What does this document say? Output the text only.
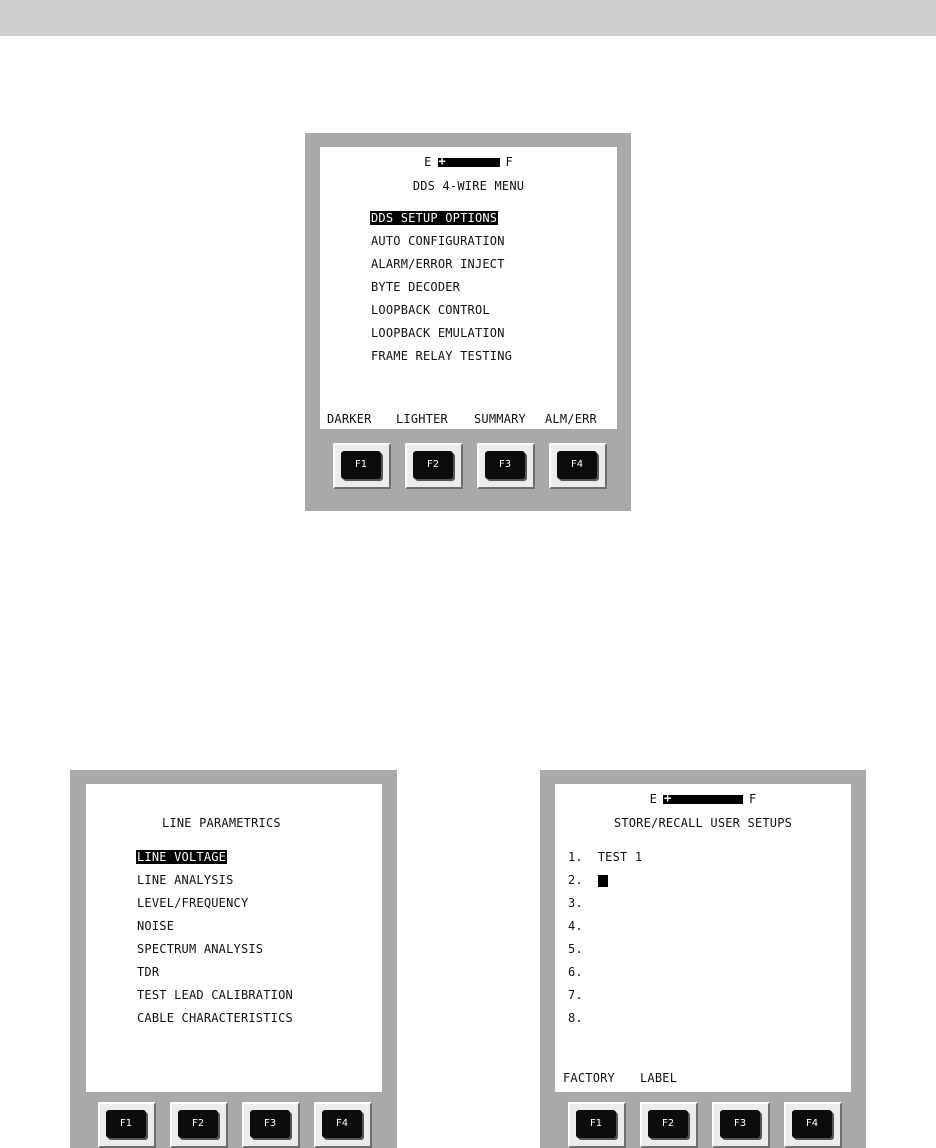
E +	F
DDS 4-WIRE MENU
DDS SETUP OPTIONS
AUTO CONFIGURATION
ALARM/ERROR INJECT
BYTE DECODER
LOOPBACK CONTROL
LOOPBACK EMULATION
FRAME RELAY TESTING
DARKER LIGHTER SUMMARY ALM/ERR
F1	F2	F3	F4
LINE PARAMETRICS
LINE VOLTAGE
LINE ANALYSIS
LEVEL/FREQUENCY
NOISE
SPECTRUM ANALYSIS
TDR
TEST LEAD CALIBRATION
CABLE CHARACTERISTICS
F1	F2	F3	F4
E +	F
STORE/RECALL USER SETUPS
1. TEST 1
2.
3.
4.
5.
6.
7.
8.
FACTORY LABEL
F1	F2	F3	F4
